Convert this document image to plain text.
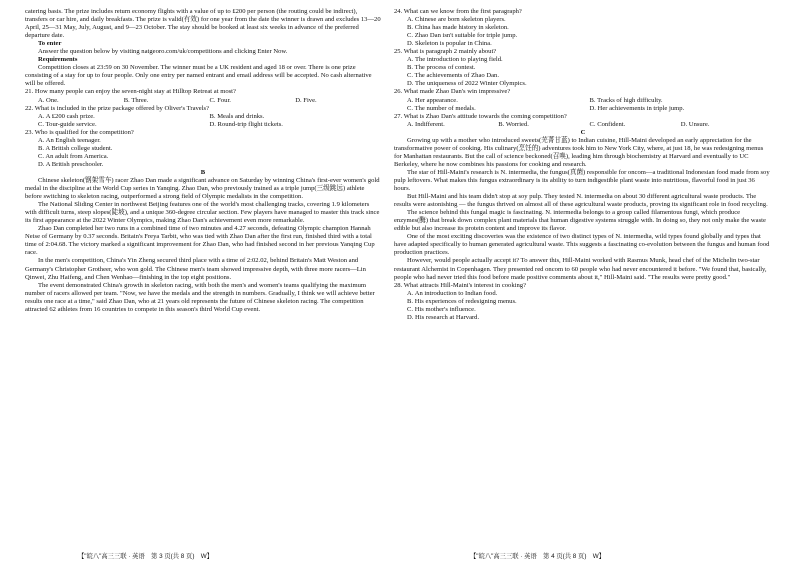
catering basis. The prize includes return economy flights with a value of up to ₤200 per person (the routing could be indirect), transfers or car hire, and daily breakfasts. The prize is valid(有效) for one year from the date the winner is drawn and excludes 13—20 April, 25—31 May, July, August, and 9—23 October. The stay should be booked at least six weeks in advance of the preferred departure date.

To enter

Answer the question below by visiting natgeoro.com/uk/competitions and clicking Enter Now.

Requirements

Competition closes at 23:59 on 30 November. The winner must be a UK resident and aged 18 or over. There is one prize consisting of a stay for up to four people. Only one entry per named entrant and email address will be accepted. No cash alternative will be offered.

21. How many people can enjoy the seven-night stay at Hilltop Retreat at most?

A. One.	B. Three.	C. Four.	D. Five.

22. What is included in the prize package offered by Oliver's Travels?

A. A ₤200 cash prize.	B. Meals and drinks.
C. Tour-guide service.	D. Round-trip flight tickets.

23. Who is qualified for the competition?

A. An English teenager.

B. A British college student.

C. An adult from America.

D. A British preschooler.

B

Chinese skeleton(钢架雪车) racer Zhao Dan made a significant advance on Saturday by winning China's first-ever women's gold medal in the discipline at the World Cup series in Yanqing. Zhao Dan, who previously trained as a triple jump(三级跳远) athlete before switching to skeleton racing, outperformed a strong field of Olympic medalists in the competition.

The National Sliding Center in northwest Beijing features one of the world's most challenging tracks, covering 1.9 kilometers with difficult turns, steep slopes(陡坡), and a unique 360-degree circular section. Few players have managed to master this track since its first appearance at the 2022 Winter Olympics, making Zhao Dan's achievement even more remarkable.

Zhao Dan completed her two runs in a combined time of two minutes and 4.27 seconds, defeating Olympic champion Hannah Neise of Germany by 0.37 seconds. Britain's Freya Tarbit, who was tied with Zhao Dan after the first run, finished third with a total time of 2:04.68. The victory marked a significant improvement for Zhao Dan, who had finished second in her previous Yanqing Cup race.

In the men's competition, China's Yin Zheng secured third place with a time of 2:02.02, behind Britain's Matt Weston and Germany's Christopher Grotheer, who won gold. The Chinese men's team showed impressive depth, with three more racers—Lin Qinwei, Zhu Haifeng, and Chen Wenhao—finishing in the top eight positions.

The event demonstrated China's growth in skeleton racing, with both the men's and women's teams qualifying the maximum number of racers allowed per team. "Now, we have the medals and the strength in numbers. Gradually, I think we will achieve better results one race at a time," said Zhao Dan, who at 21 years old represents the future of Chinese skeleton racing. The competition attracted 62 athletes from 16 countries to compete in this season's third World Cup event.

【"皖八"高三三联 · 英语　第 3 页(共 8 页)　W】

24. What can we know from the first paragraph?

A. Chinese are born skeleton players.

B. China has made history in skeleton.

C. Zhao Dan isn't suitable for triple jump.

D. Skeleton is popular in China.

25. What is paragraph 2 mainly about?

A. The introduction to playing field.

B. The process of contest.

C. The achievements of Zhao Dan.

D. The uniqueness of 2022 Winter Olympics.

26. What made Zhao Dan's win impressive?

A. Her appearance.	B. Tracks of high difficulty.
C. The number of medals.	D. Her achievements in triple jump.

27. What is Zhao Dan's attitude towards the coming competition?

A. Indifferent.	B. Worried.	C. Confident.	D. Unsure.

C

Growing up with a mother who introduced sweets(芜菁甘蓝) to Indian cuisine, Hill-Maini developed an early appreciation for the transformative power of cooking. His culinary(烹饪的) adventures took him to New York City, where, at just 18, he was redesigning menus for Manhattan restaurants. But the call of science beckoned(召唤), leading him through biochemistry at Harvard and eventually to UC Berkeley, where he now combines his passions for cooking and research.

The star of Hill-Maini's research is N. intermedia, the fungus(真菌) responsible for oncom—a traditional Indonesian food made from soy pulp leftovers. What makes this fungus extraordinary is its ability to turn indigestible plant waste into nutritious, flavorful food in just 36 hours.

But Hill-Maini and his team didn't stop at soy pulp. They tested N. intermedia on about 30 different agricultural waste products. The results were astonishing — the fungus thrived on almost all of these agricultural waste products, proving its significant role in food recycling.

The science behind this fungal magic is fascinating. N. intermedia belongs to a group called filamentous fungi, which produce enzymes(酶) that break down complex plant materials that human digestive systems struggle with. In doing so, they not only make the waste edible but also increase its protein content and improve its flavor.

One of the most exciting discoveries was the existence of two distinct types of N. intermedia, wild types found globally and types that have adapted specifically to human generated agricultural waste. This suggests a fascinating co-evolution between the fungus and human food production practices.

However, would people actually accept it? To answer this, Hill-Maini worked with Rasmus Munk, head chef of the Michelin two-star restaurant Alchemist in Copenhagen. They presented red oncom to 60 people who had never encountered it before. "We found that, basically, people who had never tried this food before made positive comments about it," Hill-Maini said. "The results were pretty good."

28. What attracts Hill-Maini's interest in cooking?

A. An introduction to Indian food.

B. His experiences of redesigning menus.

C. His mother's influence.

D. His research at Harvard.

【"皖八"高三三联 · 英语　第 4 页(共 8 页)　W】
